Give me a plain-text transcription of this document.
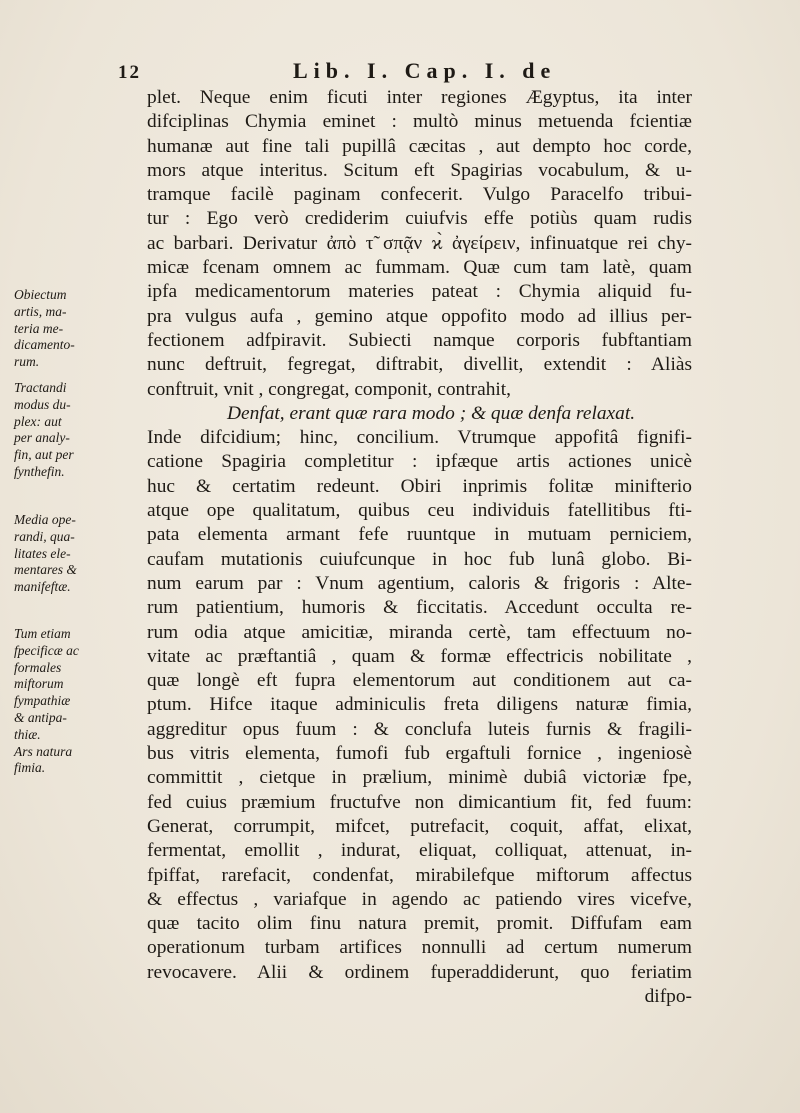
12	Lib. I. Cap. I. de
plet. Neque enim ficuti inter regiones Ægyptus, ita inter
difciplinas Chymia eminet : multò minus metuenda fcientiæ
humanæ aut fine tali pupillâ cæcitas , aut dempto hoc corde,
mors atque interitus. Scitum eft Spagirias vocabulum, & u-
tramque facilè paginam confecerit. Vulgo Paracelfo tribui-
tur : Ego verò crediderim cuiufvis effe potiùs quam rudis
ac barbari. Derivatur ἀπὸ τ̃ σπᾷν ϰ̀ ἀγείρειν, infinuatque rei chy-
micæ fcenam omnem ac fummam. Quæ cum tam latè, quam
ipfa medicamentorum materies pateat : Chymia aliquid fu-
pra vulgus aufa , gemino atque oppofito modo ad illius per-
fectionem adfpiravit. Subiecti namque corporis fubftantiam
nunc deftruit, fegregat, diftrabit, divellit, extendit : Aliàs
conftruit, vnit , congregat, componit, contrahit,
Denfat, erant quæ rara modo ; & quæ denfa relaxat.
Inde difcidium; hinc, concilium. Vtrumque appofitâ fignifi-
catione Spagiria completitur : ipfæque artis actiones unicè
huc & certatim redeunt. Obiri inprimis folitæ minifterio
atque ope qualitatum, quibus ceu individuis fatellitibus fti-
pata elementa armant fefe ruuntque in mutuam perniciem,
caufam mutationis cuiufcunque in hoc fub lunâ globo. Bi-
num earum par : Vnum agentium, caloris & frigoris : Alte-
rum patientium, humoris & ficcitatis. Accedunt occulta re-
rum odia atque amicitiæ, miranda certè, tam effectuum no-
vitate ac præftantiâ , quam & formæ effectricis nobilitate ,
quæ longè eft fupra elementorum aut conditionem aut ca-
ptum. Hifce itaque adminiculis freta diligens naturæ fimia,
aggreditur opus fuum : & conclufa luteis furnis & fragili-
bus vitris elementa, fumofi fub ergaftuli fornice , ingeniosè
committit , cietque in prælium, minimè dubiâ victoriæ fpe,
fed cuius præmium fructufve non dimicantium fit, fed fuum:
Generat, corrumpit, mifcet, putrefacit, coquit, affat, elixat,
fermentat, emollit , indurat, eliquat, colliquat, attenuat, in-
fpiffat, rarefacit, condenfat, mirabilefque miftorum affectus
& effectus , variafque in agendo ac patiendo vires vicefve,
quæ tacito olim finu natura premit, promit. Diffufam eam
operationum turbam artifices nonnulli ad certum numerum
revocavere. Alii & ordinem fuperaddiderunt, quo feriatim
difpo-
Obiectum
artis, ma-
teria me-
dicamento-
rum.
Tractandi
modus du-
plex: aut
per analy-
fin, aut per
fynthefin.
Media ope-
randi, qua-
litates ele-
mentares &
manifeftæ.
Tum etiam
fpecificæ ac
formales
miftorum
fympathiæ
& antipa-
thiæ.
Ars natura
fimia.
